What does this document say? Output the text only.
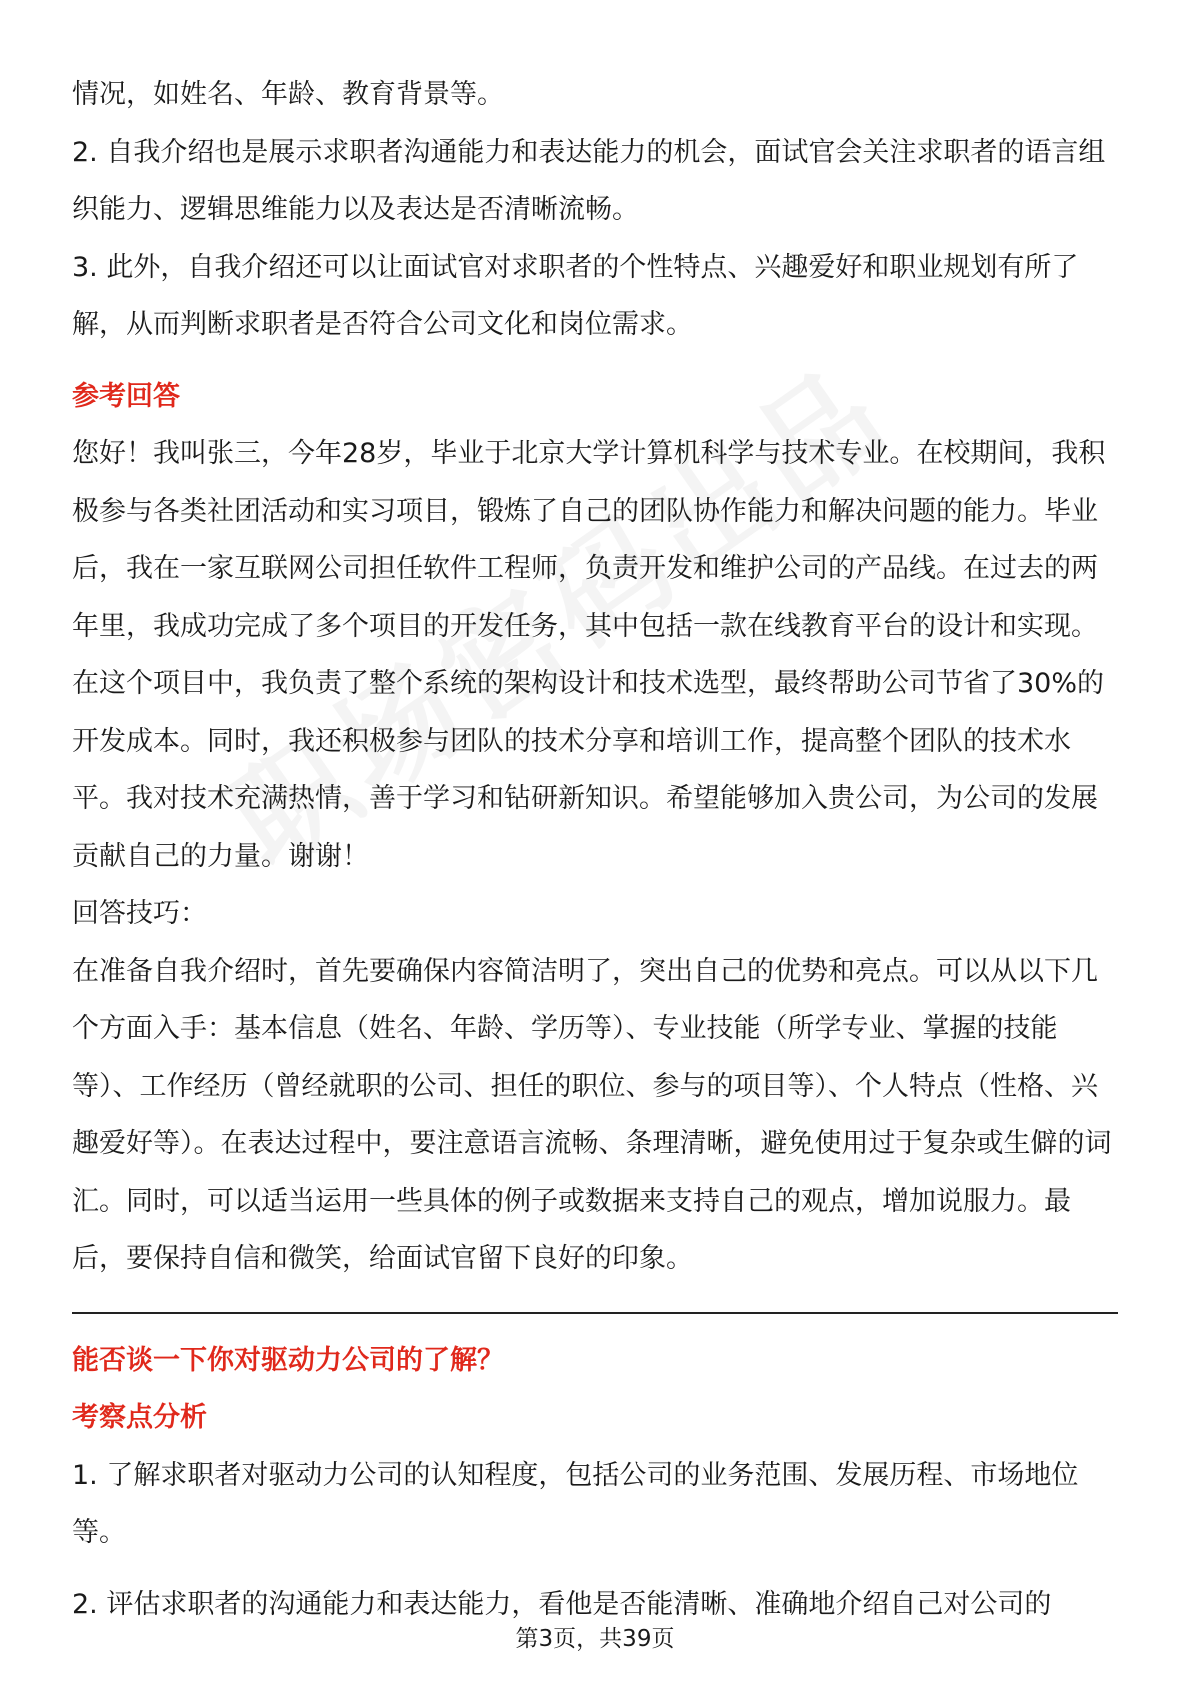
情况，如姓名、年龄、教育背景等。

2. 自我介绍也是展示求职者沟通能力和表达能力的机会，面试官会关注求职者的语言组织能力、逻辑思维能力以及表达是否清晰流畅。

3. 此外，自我介绍还可以让面试官对求职者的个性特点、兴趣爱好和职业规划有所了解，从而判断求职者是否符合公司文化和岗位需求。

参考回答

您好！我叫张三，今年28岁，毕业于北京大学计算机科学与技术专业。在校期间，我积极参与各类社团活动和实习项目，锻炼了自己的团队协作能力和解决问题的能力。毕业后，我在一家互联网公司担任软件工程师，负责开发和维护公司的产品线。在过去的两年里，我成功完成了多个项目的开发任务，其中包括一款在线教育平台的设计和实现。在这个项目中，我负责了整个系统的架构设计和技术选型，最终帮助公司节省了30%的开发成本。同时，我还积极参与团队的技术分享和培训工作，提高整个团队的技术水平。我对技术充满热情，善于学习和钻研新知识。希望能够加入贵公司，为公司的发展贡献自己的力量。谢谢！

回答技巧：

在准备自我介绍时，首先要确保内容简洁明了，突出自己的优势和亮点。可以从以下几个方面入手：基本信息（姓名、年龄、学历等）、专业技能（所学专业、掌握的技能等）、工作经历（曾经就职的公司、担任的职位、参与的项目等）、个人特点（性格、兴趣爱好等）。在表达过程中，要注意语言流畅、条理清晰，避免使用过于复杂或生僻的词汇。同时，可以适当运用一些具体的例子或数据来支持自己的观点，增加说服力。最后，要保持自信和微笑，给面试官留下良好的印象。

能否谈一下你对驱动力公司的了解？
考察点分析

1. 了解求职者对驱动力公司的认知程度，包括公司的业务范围、发展历程、市场地位等。

2. 评估求职者的沟通能力和表达能力，看他是否能清晰、准确地介绍自己对公司的

第3页，共39页
